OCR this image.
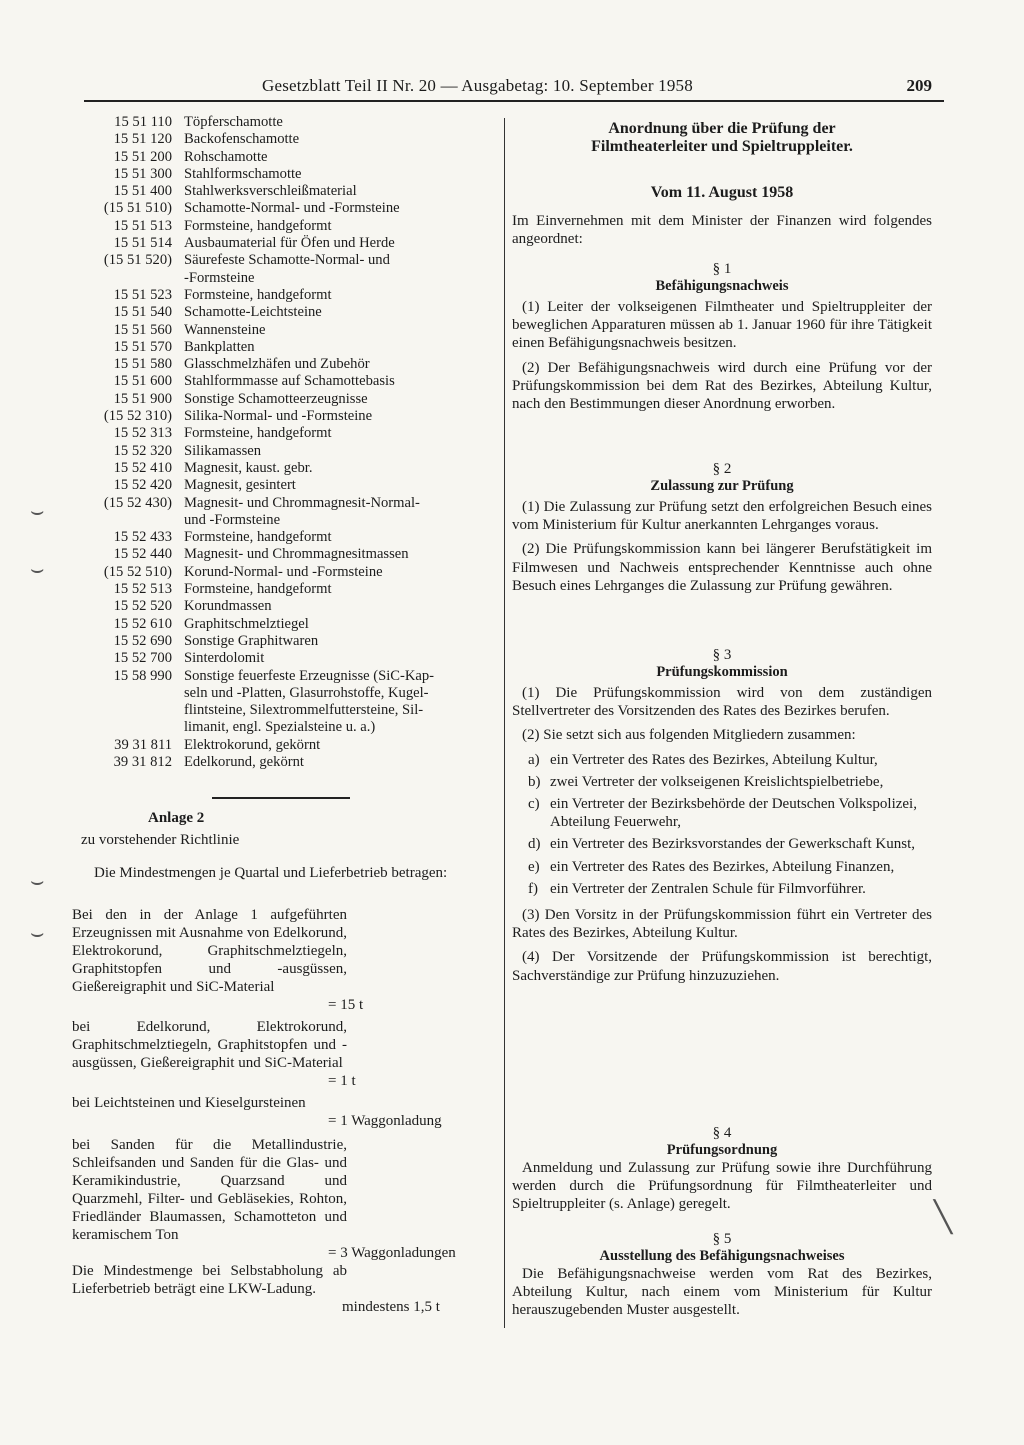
Gesetzblatt Teil II Nr. 20 — Ausgabetag: 10. September 1958	209
15 51 110 Töpferschamotte
15 51 120 Backofenschamotte
15 51 200 Rohschamotte
15 51 300 Stahlformschamotte
15 51 400 Stahlwerksverschleißmaterial
(15 51 510) Schamotte-Normal- und -Formsteine
15 51 513 Formsteine, handgeformt
15 51 514 Ausbaumaterial für Öfen und Herde
(15 51 520) Säurefeste Schamotte-Normal- und
-Formsteine
15 51 523 Formsteine, handgeformt
15 51 540 Schamotte-Leichtsteine
15 51 560 Wannensteine
15 51 570 Bankplatten
15 51 580 Glasschmelzhäfen und Zubehör
15 51 600 Stahlformmasse auf Schamottebasis
15 51 900 Sonstige Schamotteerzeugnisse
(15 52 310) Silika-Normal- und -Formsteine
15 52 313 Formsteine, handgeformt
15 52 320 Silikamassen
15 52 410 Magnesit, kaust. gebr.
15 52 420 Magnesit, gesintert
(15 52 430) Magnesit- und Chrommagnesit-Normal-
und -Formsteine
15 52 433 Formsteine, handgeformt
15 52 440 Magnesit- und Chrommagnesitmassen
(15 52 510) Korund-Normal- und -Formsteine
15 52 513 Formsteine, handgeformt
15 52 520 Korundmassen
15 52 610 Graphitschmelztiegel
15 52 690 Sonstige Graphitwaren
15 52 700 Sinterdolomit
15 58 990 Sonstige feuerfeste Erzeugnisse (SiC-Kap-
seln und -Platten, Glasurrohstoffe, Kugel-
flintsteine, Silextrommelfuttersteine, Sil-
limanit, engl. Spezialsteine u. a.)
39 31 811 Elektrokorund, gekörnt
39 31 812 Edelkorund, gekörnt
Anlage 2
zu vorstehender Richtlinie
Die Mindestmengen je Quartal und Lieferbetrieb betragen:
Bei den in der Anlage 1 aufgeführten Erzeugnissen mit Ausnahme von Edelkorund, Elektrokorund, Graphitschmelztiegeln, Graphitstopfen und -ausgüssen, Gießereigraphit und SiC-Material
= 15 t
bei Edelkorund, Elektrokorund, Graphitschmelztiegeln, Graphitstopfen und -ausgüssen, Gießereigraphit und SiC-Material
= 1 t
bei Leichtsteinen und Kieselgursteinen
= 1 Waggonladung
bei Sanden für die Metallindustrie, Schleifsanden und Sanden für die Glas- und Keramikindustrie, Quarzsand und Quarzmehl, Filter- und Gebläsekies, Rohton, Friedländer Blaumassen, Schamotteton und keramischem Ton
= 3 Waggonladungen
Die Mindestmenge bei Selbstabholung ab Lieferbetrieb beträgt eine LKW-Ladung.
mindestens 1,5 t
⌣
⌣
⌣
⌣
╲
Anordnung über die Prüfung der Filmtheaterleiter und Spieltruppleiter.
Vom 11. August 1958

Im Einvernehmen mit dem Minister der Finanzen wird folgendes angeordnet:

§ 1
Befähigungsnachweis

(1) Leiter der volkseigenen Filmtheater und Spieltruppleiter der beweglichen Apparaturen müssen ab 1. Januar 1960 für ihre Tätigkeit einen Befähigungsnachweis besitzen.

(2) Der Befähigungsnachweis wird durch eine Prüfung vor der Prüfungskommission bei dem Rat des Bezirkes, Abteilung Kultur, nach den Bestimmungen dieser Anordnung erworben.

§ 2
Zulassung zur Prüfung

(1) Die Zulassung zur Prüfung setzt den erfolgreichen Besuch eines vom Ministerium für Kultur anerkannten Lehrganges voraus.

(2) Die Prüfungskommission kann bei längerer Berufstätigkeit im Filmwesen und Nachweis entsprechender Kenntnisse auch ohne Besuch eines Lehrganges die Zulassung zur Prüfung gewähren.

§ 3
Prüfungskommission

(1) Die Prüfungskommission wird von dem zuständigen Stellvertreter des Vorsitzenden des Rates des Bezirkes berufen.

(2) Sie setzt sich aus folgenden Mitgliedern zusammen:

a) ein Vertreter des Rates des Bezirkes, Abteilung Kultur,
b) zwei Vertreter der volkseigenen Kreislichtspielbetriebe,
c) ein Vertreter der Bezirksbehörde der Deutschen Volkspolizei, Abteilung Feuerwehr,
d) ein Vertreter des Bezirksvorstandes der Gewerkschaft Kunst,
e) ein Vertreter des Rates des Bezirkes, Abteilung Finanzen,
f) ein Vertreter der Zentralen Schule für Filmvorführer.

(3) Den Vorsitz in der Prüfungskommission führt ein Vertreter des Rates des Bezirkes, Abteilung Kultur.

(4) Der Vorsitzende der Prüfungskommission ist berechtigt, Sachverständige zur Prüfung hinzuzuziehen.

§ 4
Prüfungsordnung

Anmeldung und Zulassung zur Prüfung sowie ihre Durchführung werden durch die Prüfungsordnung für Filmtheaterleiter und Spieltruppleiter (s. Anlage) geregelt.

§ 5
Ausstellung des Befähigungsnachweises

Die Befähigungsnachweise werden vom Rat des Bezirkes, Abteilung Kultur, nach einem vom Ministerium für Kultur herauszugebenden Muster ausgestellt.
